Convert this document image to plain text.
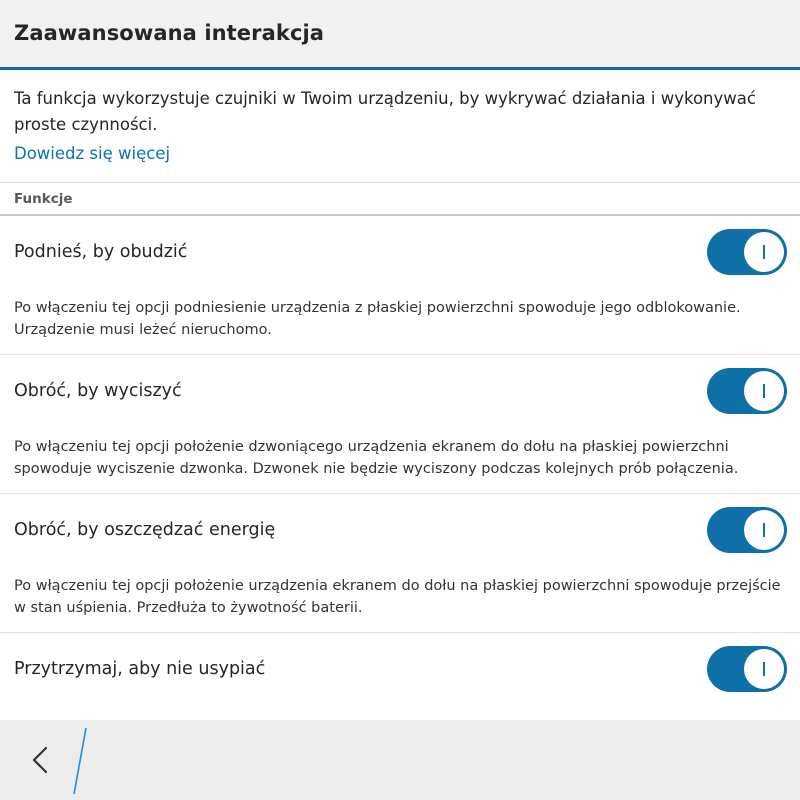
Zaawansowana interakcja
Ta funkcja wykorzystuje czujniki w Twoim urządzeniu, by wykrywać działania i wykonywać proste czynności.
Dowiedz się więcej
Funkcje
Podnieś, by obudzić
Po włączeniu tej opcji podniesienie urządzenia z płaskiej powierzchni spowoduje jego odblokowanie. Urządzenie musi leżeć nieruchomo.
Obróć, by wyciszyć
Po włączeniu tej opcji położenie dzwoniącego urządzenia ekranem do dołu na płaskiej powierzchni spowoduje wyciszenie dzwonka. Dzwonek nie będzie wyciszony podczas kolejnych prób połączenia.
Obróć, by oszczędzać energię
Po włączeniu tej opcji położenie urządzenia ekranem do dołu na płaskiej powierzchni spowoduje przejście w stan uśpienia. Przedłuża to żywotność baterii.
Przytrzymaj, aby nie usypiać
